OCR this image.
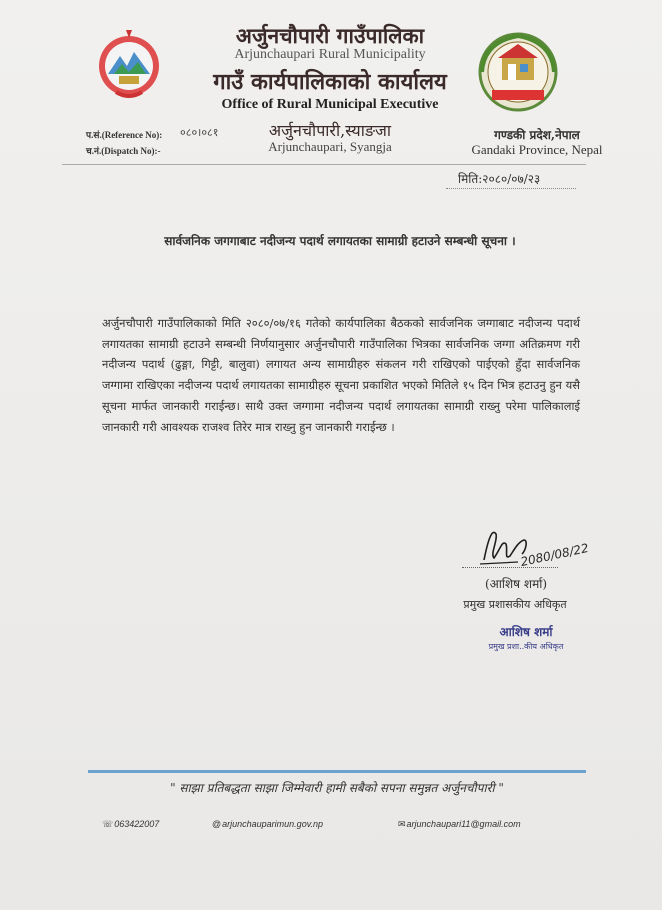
अर्जुनचौपारी गाउँपालिका
Arjunchaupari Rural Municipality
गाउँ कार्यपालिकाको कार्यालय
Office of Rural Municipal Executive
अर्जुनचौपारी,स्याङजा
Arjunchaupari, Syangja
प.सं.(Reference No): ०८०।०८१
च.नं.(Dispatch No):-
गण्डकी प्रदेश,नेपाल
Gandaki Province, Nepal
मिति:२०८०/०७/२३
सार्वजनिक जगगाबाट नदीजन्य पदार्थ लगायतका सामाग्री हटाउने सम्बन्धी सूचना ।
अर्जुनचौपारी गाउँपालिकाको मिति २०८०/०७/१६ गतेको कार्यपालिका बैठकको सार्वजनिक जग्गाबाट नदीजन्य पदार्थ लगायतका सामाग्री हटाउने सम्बन्धी निर्णयानुसार अर्जुनचौपारी गाउँपालिका भित्रका सार्वजनिक जग्गा अतिक्रमण गरी नदीजन्य पदार्थ (ढुङ्गा, गिट्टी, बालुवा) लगायत अन्य सामाग्रीहरु संकलन गरी राखिएको पाईएको हुँदा सार्वजनिक जग्गामा राखिएका नदीजन्य पदार्थ लगायतका सामाग्रीहरु सूचना प्रकाशित भएको मितिले १५ दिन भित्र हटाउनु हुन यसै सूचना मार्फत जानकारी गराईन्छ। साथै उक्त जग्गामा नदीजन्य पदार्थ लगायतका सामाग्री राख्नु परेमा पालिकालाई जानकारी गरी आवश्यक राजश्व तिरेर मात्र राख्नु हुन जानकारी गराईन्छ ।
2080/08/22
(आशिष शर्मा)
प्रमुख प्रशासकीय अधिकृत
आशिष शर्मा
प्रमुख प्रशा..कीय अधिकृत
" साझा प्रतिबद्धता साझा जिम्मेवारी हामी सबैको सपना समुन्नत अर्जुनचौपारी "
☏063422007	@arjunchauparimun.gov.np	✉arjunchaupari11@gmail.com
